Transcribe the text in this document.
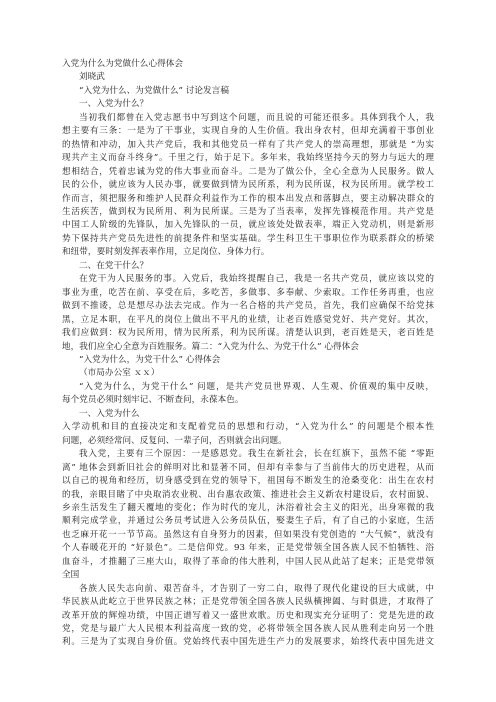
入党为什么为党做什么心得体会
刘晓武
“入党为什么、为党做什么” 讨论发言稿
一、入党为什么？
当初我们都曾在入党志愿书中写到这个问题，而且说的可能还很多。具体到我个人，我
想主要有三条：一是为了干事业，实现自身的人生价值。我出身农村，但却充满着干事创业
的热情和冲动，加入共产党后，我和其他党员一样有了共产党人的崇高理想，那就是 “为实
现共产主义而奋斗终身”。千里之行，始于足下。多年来，我始终坚持今天的努力与远大的理
想相结合，凭着忠诚为党的伟大事业而奋斗。二是为了做公仆，全心全意为人民服务。做人
民的公仆，就应该为人民办事，就要做到情为民所系，利为民所谋，权为民所用。就学校工
作而言，须把服务和维护人民群众利益作为工作的根本出发点和落脚点，要主动解决群众的
生活疾苦，做到权为民所用、利为民所谋。三是为了当表率，发挥先锋模范作用。共产党是
中国工人阶级的先锋队，加入先锋队的一员，就应该处处做表率，端正入党动机，则是新形
势下保持共产党员先进性的前提条件和坚实基础。学生科卫生干事职位作为联系群众的桥梁
和纽带，要时刻发挥表率作用，立足岗位、身体力行。
二、在党干什么？
在党干为人民服务的事。入党后，我始终提醒自己，我是一名共产党员，就应该以党的
事业为重，吃苦在前、享受在后，多吃苦，多做事、多奉献、少索取。工作任务再重，也应
做到不推诿，总是想尽办法去完成。作为一名合格的共产党员，首先，我们应确保不给党抹
黑，立足本职，在平凡的岗位上做出不平凡的业绩，让老百姓感觉党好、共产党好。其次，
我们应做到：权为民所用，情为民所系，利为民所谋。清楚认识到，老百姓是天，老百姓是
地，我们应全心全意为百姓服务。篇二：“入党为什么、为党干什么” 心得体会
“入党为什么，为党干什么” 心得体会
（市局办公室 ｘｘ）
“入党为什么，为党干什么” 问题，是共产党员世界观、人生观、价值观的集中反映，
每个党员必须时刻牢记、不断查问，永葆本色。
一、入党为什么
入学动机和目的直接决定和支配着党员的思想和行动，“入党为什么” 的问题是个根本性
问题，必须经常问、反复问、一辈子问，否则就会出问题。
我入党，主要有三个原因：一是感恩党。我生在新社会，长在红旗下，虽然不能 “零距
离” 地体会到新旧社会的鲜明对比和显著不同，但却有幸参与了当前伟大的历史进程，从而
以自己的视角和经历，切身感受到在党的领导下，祖国每不断发生的沧桑变化：出生在农村
的我，亲眼目睹了中央取消农业税、出台惠农政策、推进社会主义新农村建设后，农村面貌、
乡亲生活发生了翻天覆地的变化；作为时代的宠儿，沐浴着社会主义的阳光，出身寒微的我
顺利完成学业，并通过公务员考试进入公务员队伍，娶妻生子后，有了自己的小家庭，生活
也乏麻开花一一节节高。虽然这有自身努力的因素，但如果没有党创造的 “大气候”，就没有
个人春暖花开的 “好景色”。二是信仰党。93 年来，正是党带领全国各族人民不怕牺牲、浴
血奋斗，才推翻了三座大山，取得了革命的伟大胜利，中国人民从此站了起来；正是党带领
全国
各族人民失志向前、艰苦奋斗，才告别了一穷二白，取得了现代化建设的巨大成就，中
华民族从此屹立于世界民族之林；正是党带领全国各族人民纵横捭阖、与时俱进，才取得了
改革开放的辉煌功绩，中国正谱写着又一盛世欢歌。历史和现实充分证明了：党是先进的政
党，党是与最广大人民根本利益高度一致的党，必将带领全国各族人民从胜利走向另一个胜
利。三是为了实现自身价值。党始终代表中国先进生产力的发展要求，始终代表中国先进文
